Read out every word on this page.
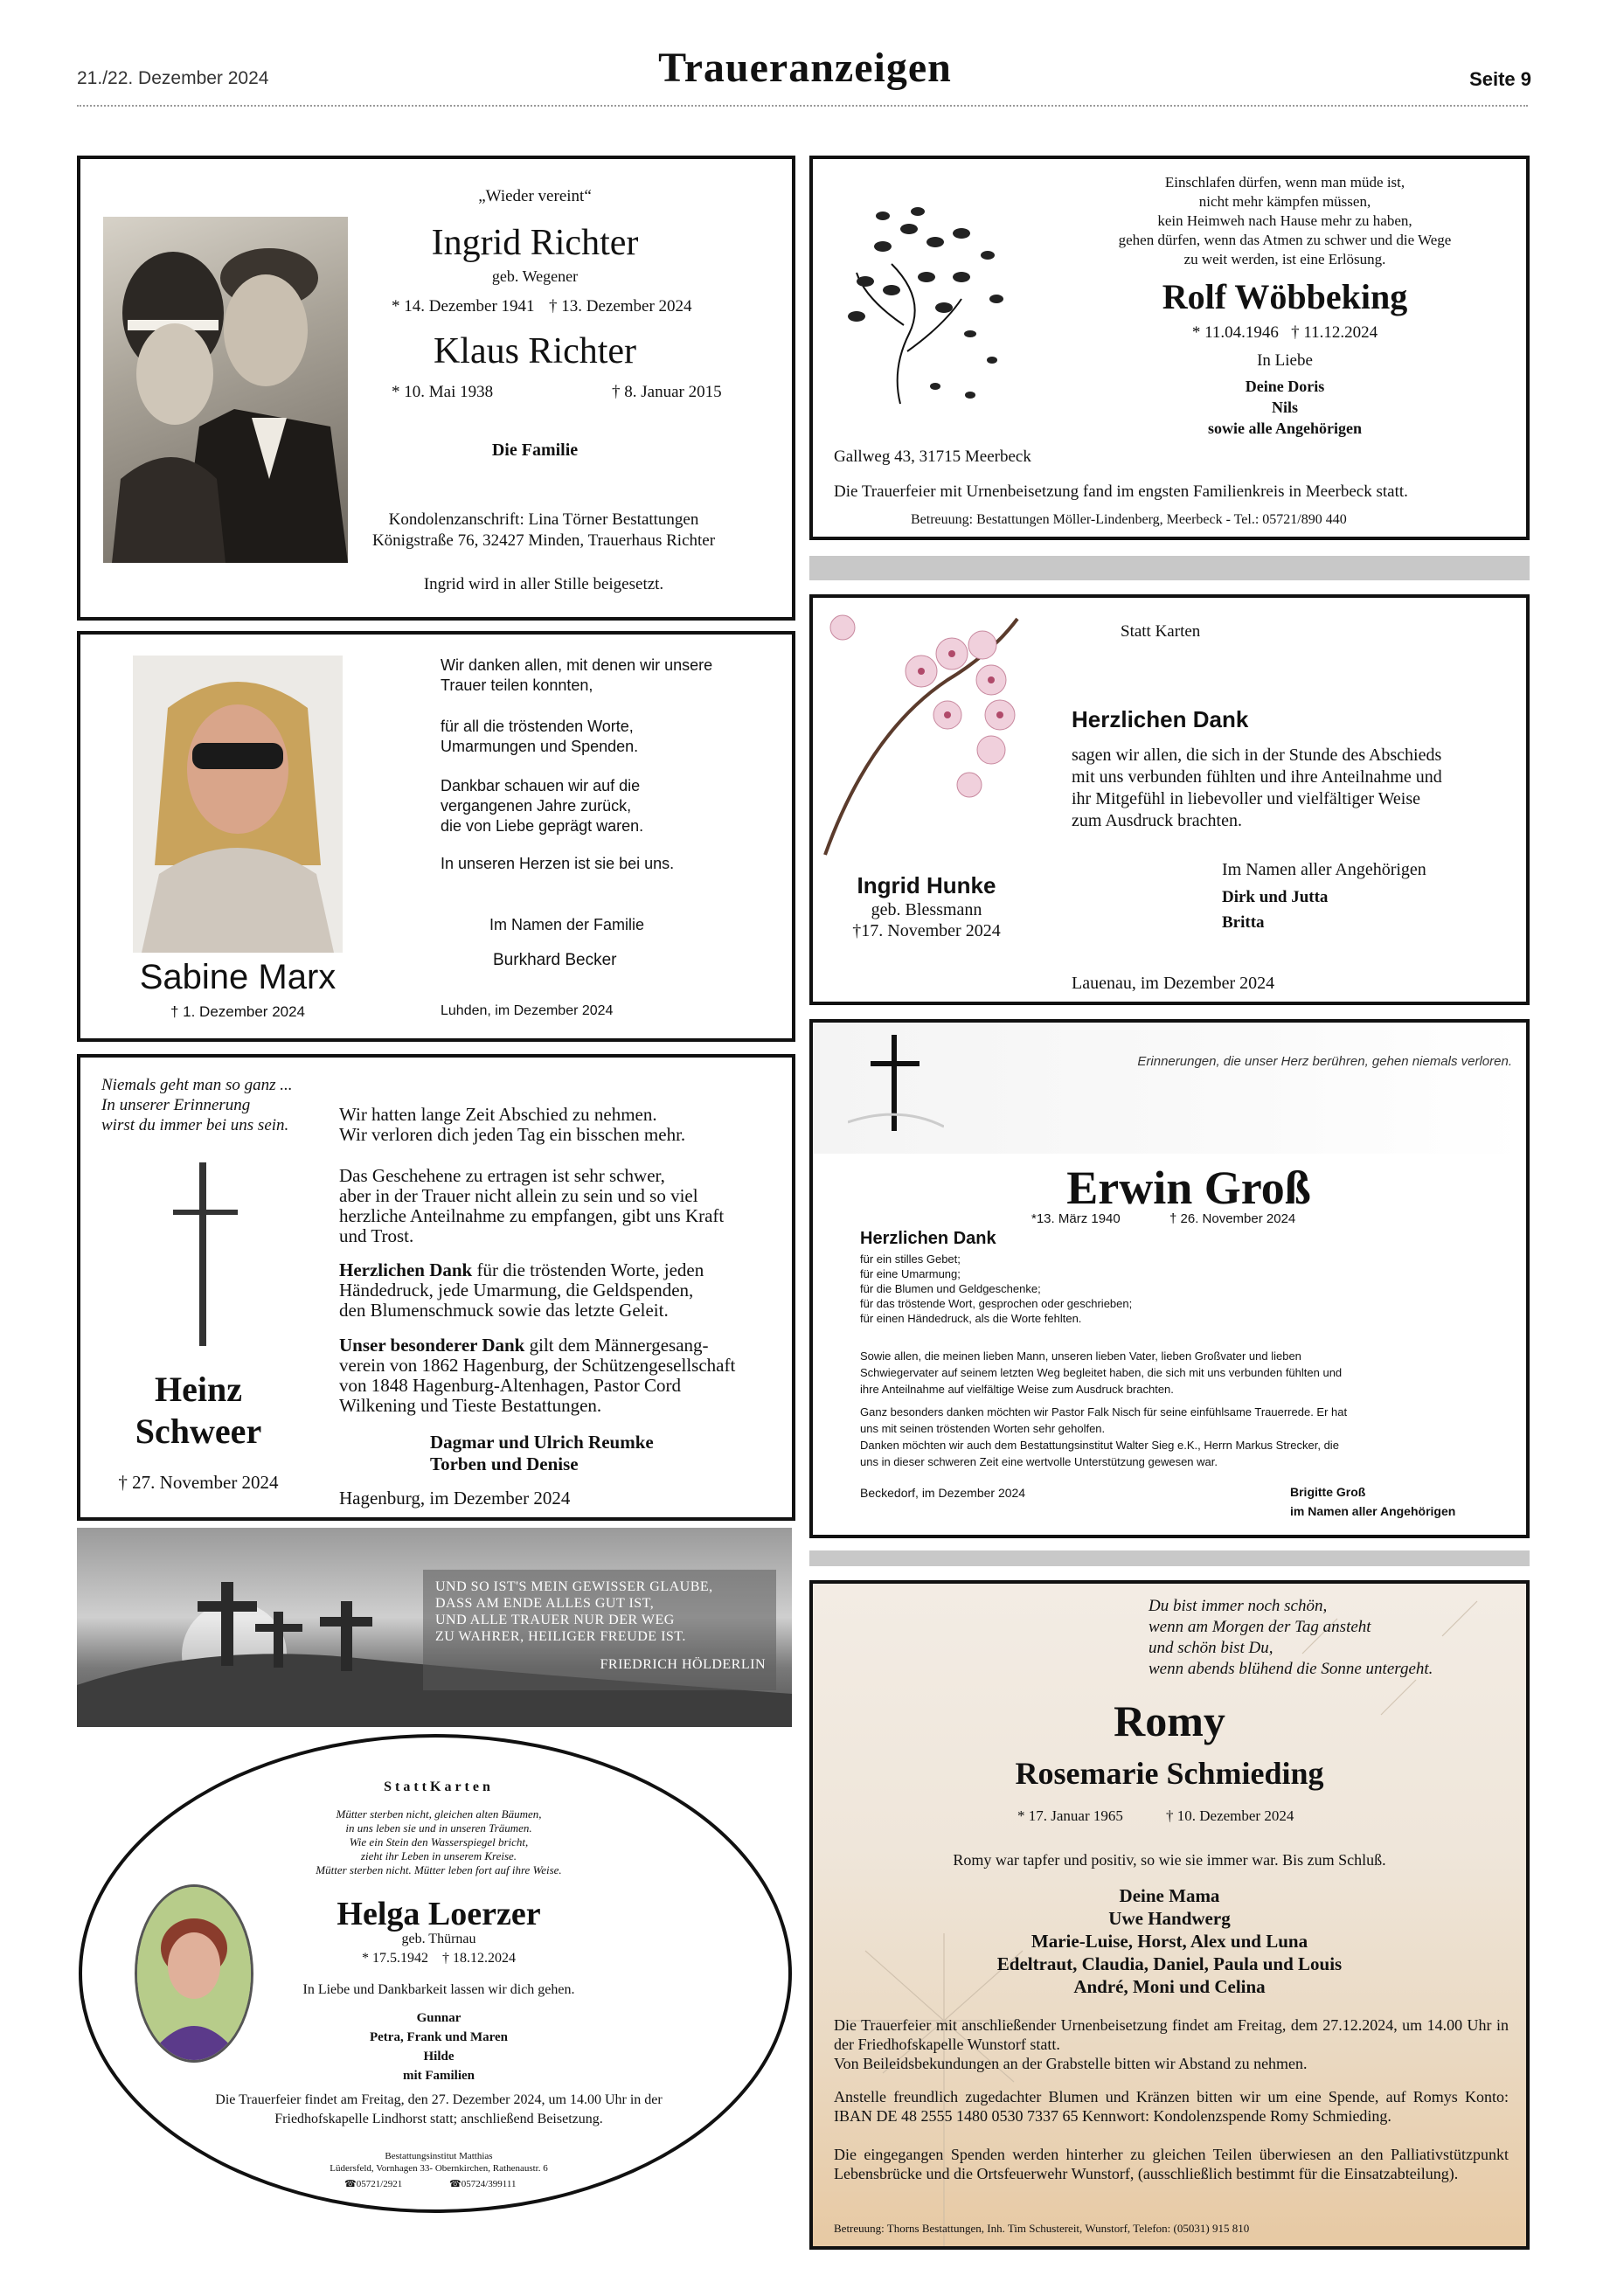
21./22. Dezember 2024	Traueranzeigen	Seite 9
„Wieder vereint“
Ingrid Richter
geb. Wegener
* 14. Dezember 1941 † 13. Dezember 2024
Klaus Richter
* 10. Mai 1938	† 8. Januar 2015
Die Familie
Kondolenzanschrift: Lina Törner Bestattungen
Königstraße 76, 32427 Minden, Trauerhaus Richter
Ingrid wird in aller Stille beigesetzt.
Einschlafen dürfen, wenn man müde ist,
nicht mehr kämpfen müssen,
kein Heimweh nach Hause mehr zu haben,
gehen dürfen, wenn das Atmen zu schwer und die Wege
zu weit werden, ist eine Erlösung.
Rolf Wöbbeking
* 11.04.1946   † 11.12.2024
In Liebe
Deine Doris
Nils
sowie alle Angehörigen
Gallweg 43, 31715 Meerbeck
Die Trauerfeier mit Urnenbeisetzung fand im engsten Familienkreis in Meerbeck statt.
Betreuung: Bestattungen Möller-Lindenberg, Meerbeck - Tel.: 05721/890 440
Sabine Marx
† 1. Dezember 2024
Wir danken allen, mit denen wir unsere
Trauer teilen konnten,
für all die tröstenden Worte,
Umarmungen und Spenden.
Dankbar schauen wir auf die
vergangenen Jahre zurück,
die von Liebe geprägt waren.
In unseren Herzen ist sie bei uns.
Im Namen der Familie
Burkhard Becker
Luhden, im Dezember 2024
Statt Karten
Herzlichen Dank
sagen wir allen, die sich in der Stunde des Abschieds
mit uns verbunden fühlten und ihre Anteilnahme und
ihr Mitgefühl in liebevoller und vielfältiger Weise
zum Ausdruck brachten.
Im Namen aller Angehörigen
Dirk und Jutta
Britta
Ingrid Hunke
geb. Blessmann
†17. November 2024
Lauenau, im Dezember 2024
Niemals geht man so ganz ...
In unserer Erinnerung
wirst du immer bei uns sein.
Heinz
Schweer
† 27. November 2024
Wir hatten lange Zeit Abschied zu nehmen.
Wir verloren dich jeden Tag ein bisschen mehr.
Das Geschehene zu ertragen ist sehr schwer,
aber in der Trauer nicht allein zu sein und so viel
herzliche Anteilnahme zu empfangen, gibt uns Kraft
und Trost.
Herzlichen Dank für die tröstenden Worte, jeden
Händedruck, jede Umarmung, die Geldspenden,
den Blumenschmuck sowie das letzte Geleit.
Unser besonderer Dank gilt dem Männergesang-
verein von 1862 Hagenburg, der Schützengesellschaft
von 1848 Hagenburg-Altenhagen, Pastor Cord
Wilkening und Tieste Bestattungen.
Dagmar und Ulrich Reumke
Torben und Denise
Hagenburg, im Dezember 2024
Erinnerungen, die unser Herz berühren, gehen niemals verloren.
Erwin Groß
*13. März 1940	† 26. November 2024
Herzlichen Dank
für ein stilles Gebet;
für eine Umarmung;
für die Blumen und Geldgeschenke;
für das tröstende Wort, gesprochen oder geschrieben;
für einen Händedruck, als die Worte fehlten.
Sowie allen, die meinen lieben Mann, unseren lieben Vater, lieben Großvater und lieben
Schwiegervater auf seinem letzten Weg begleitet haben, die sich mit uns verbunden fühlten und
ihre Anteilnahme auf vielfältige Weise zum Ausdruck brachten.
Ganz besonders danken möchten wir Pastor Falk Nisch für seine einfühlsame Trauerrede. Er hat
uns mit seinen tröstenden Worten sehr geholfen.
Danken möchten wir auch dem Bestattungsinstitut Walter Sieg e.K., Herrn Markus Strecker, die
uns in dieser schweren Zeit eine wertvolle Unterstützung gewesen war.
Beckedorf, im Dezember 2024	Brigitte Groß
im Namen aller Angehörigen
UND SO IST'S MEIN GEWISSER GLAUBE,
DASS AM ENDE ALLES GUT IST,
UND ALLE TRAUER NUR DER WEG
ZU WAHRER, HEILIGER FREUDE IST.
FRIEDRICH HÖLDERLIN
StattKarten
Mütter sterben nicht, gleichen alten Bäumen,
in uns leben sie und in unseren Träumen.
Wie ein Stein den Wasserspiegel bricht,
zieht ihr Leben in unserem Kreise.
Mütter sterben nicht. Mütter leben fort auf ihre Weise.
Helga Loerzer
geb. Thürnau
* 17.5.1942    † 18.12.2024
In Liebe und Dankbarkeit lassen wir dich gehen.
Gunnar
Petra, Frank und Maren
Hilde
mit Familien
Die Trauerfeier findet am Freitag, den 27. Dezember 2024, um 14.00 Uhr in der
Friedhofskapelle Lindhorst statt; anschließend Beisetzung.
Bestattungsinstitut Matthias
Lüdersfeld, Vornhagen 33- Obernkirchen, Rathenaustr. 6
☎05721/2921	☎05724/399111
Du bist immer noch schön,
wenn am Morgen der Tag ansteht
und schön bist Du,
wenn abends blühend die Sonne untergeht.
Romy
Rosemarie Schmieding
* 17. Januar 1965	† 10. Dezember 2024
Romy war tapfer und positiv, so wie sie immer war. Bis zum Schluß.
Deine Mama
Uwe Handwerg
Marie-Luise, Horst, Alex und Luna
Edeltraut, Claudia, Daniel, Paula und Louis
André, Moni und Celina
Die Trauerfeier mit anschließender Urnenbeisetzung findet am Freitag, dem 27.12.2024, um 14.00 Uhr in der Friedhofskapelle Wunstorf statt.
Von Beileidsbekundungen an der Grabstelle bitten wir Abstand zu nehmen.
Anstelle freundlich zugedachter Blumen und Kränzen bitten wir um eine Spende, auf Romys Konto: IBAN DE 48 2555 1480 0530 7337 65 Kennwort: Kondolenzspende Romy Schmieding.
Die eingegangen Spenden werden hinterher zu gleichen Teilen überwiesen an den Palliativstützpunkt Lebensbrücke und die Ortsfeuerwehr Wunstorf, (ausschließlich bestimmt für die Einsatzabteilung).
Betreuung: Thorns Bestattungen, Inh. Tim Schustereit, Wunstorf, Telefon: (05031) 915 810
